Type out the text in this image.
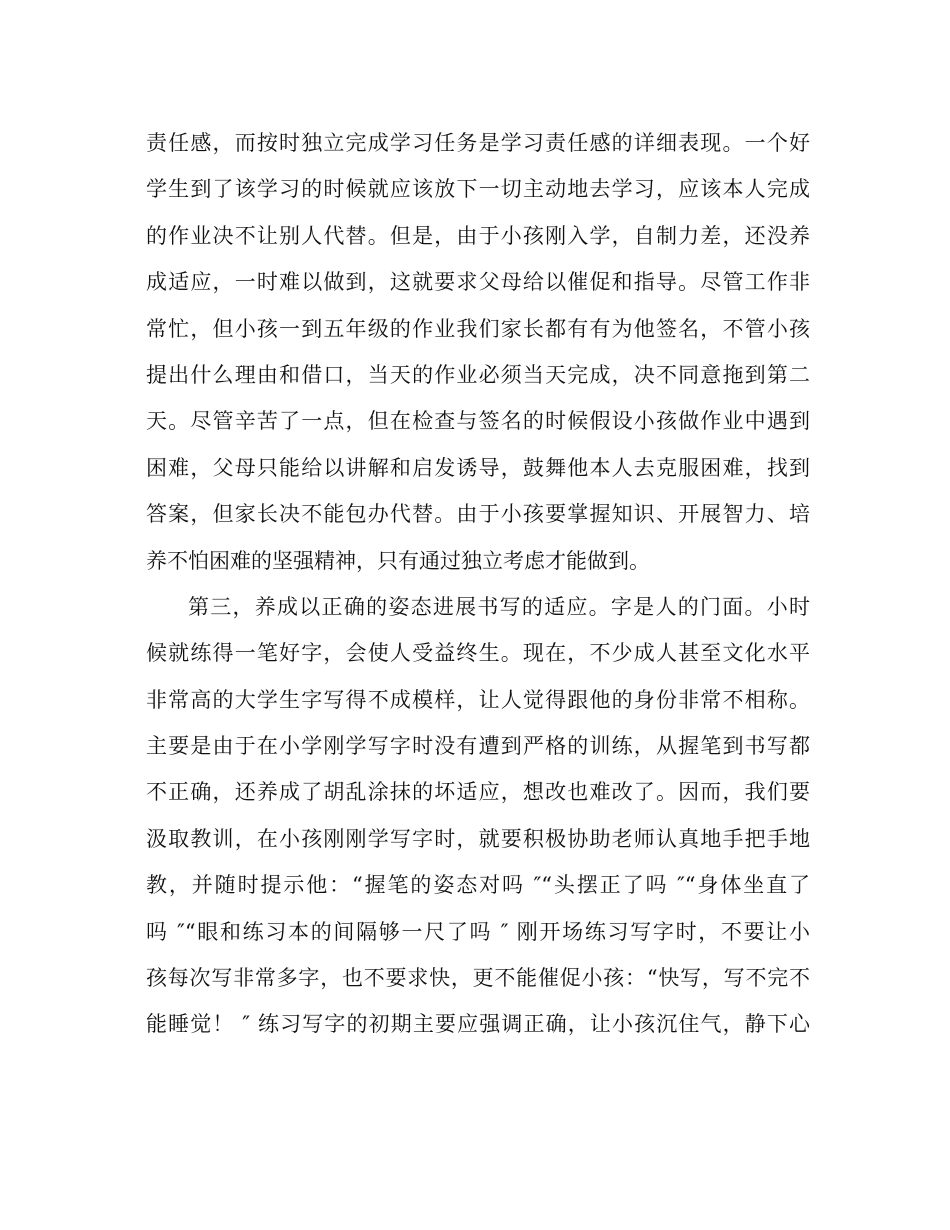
责任感，而按时独立完成学习任务是学习责任感的详细表现。一个好
学生到了该学习的时候就应该放下一切主动地去学习，应该本人完成
的作业决不让别人代替。但是，由于小孩刚入学，自制力差，还没养
成适应，一时难以做到，这就要求父母给以催促和指导。尽管工作非
常忙，但小孩一到五年级的作业我们家长都有有为他签名，不管小孩
提出什么理由和借口，当天的作业必须当天完成，决不同意拖到第二
天。尽管辛苦了一点，但在检查与签名的时候假设小孩做作业中遇到
困难，父母只能给以讲解和启发诱导，鼓舞他本人去克服困难，找到
答案，但家长决不能包办代替。由于小孩要掌握知识、开展智力、培
养不怕困难的坚强精神，只有通过独立考虑才能做到。
第三，养成以正确的姿态进展书写的适应。字是人的门面。小时
候就练得一笔好字，会使人受益终生。现在，不少成人甚至文化水平
非常高的大学生字写得不成模样，让人觉得跟他的身份非常不相称。
主要是由于在小学刚学写字时没有遭到严格的训练，从握笔到书写都
不正确，还养成了胡乱涂抹的坏适应，想改也难改了。因而，我们要
汲取教训，在小孩刚刚学写字时，就要积极协助老师认真地手把手地
教，并随时提示他：“握笔的姿态对吗 ″“头摆正了吗 ″“身体坐直了
吗 ″“眼和练习本的间隔够一尺了吗 ″ 刚开场练习写字时，不要让小
孩每次写非常多字，也不要求快，更不能催促小孩：“快写，写不完不
能睡觉！ ″ 练习写字的初期主要应强调正确，让小孩沉住气，静下心
